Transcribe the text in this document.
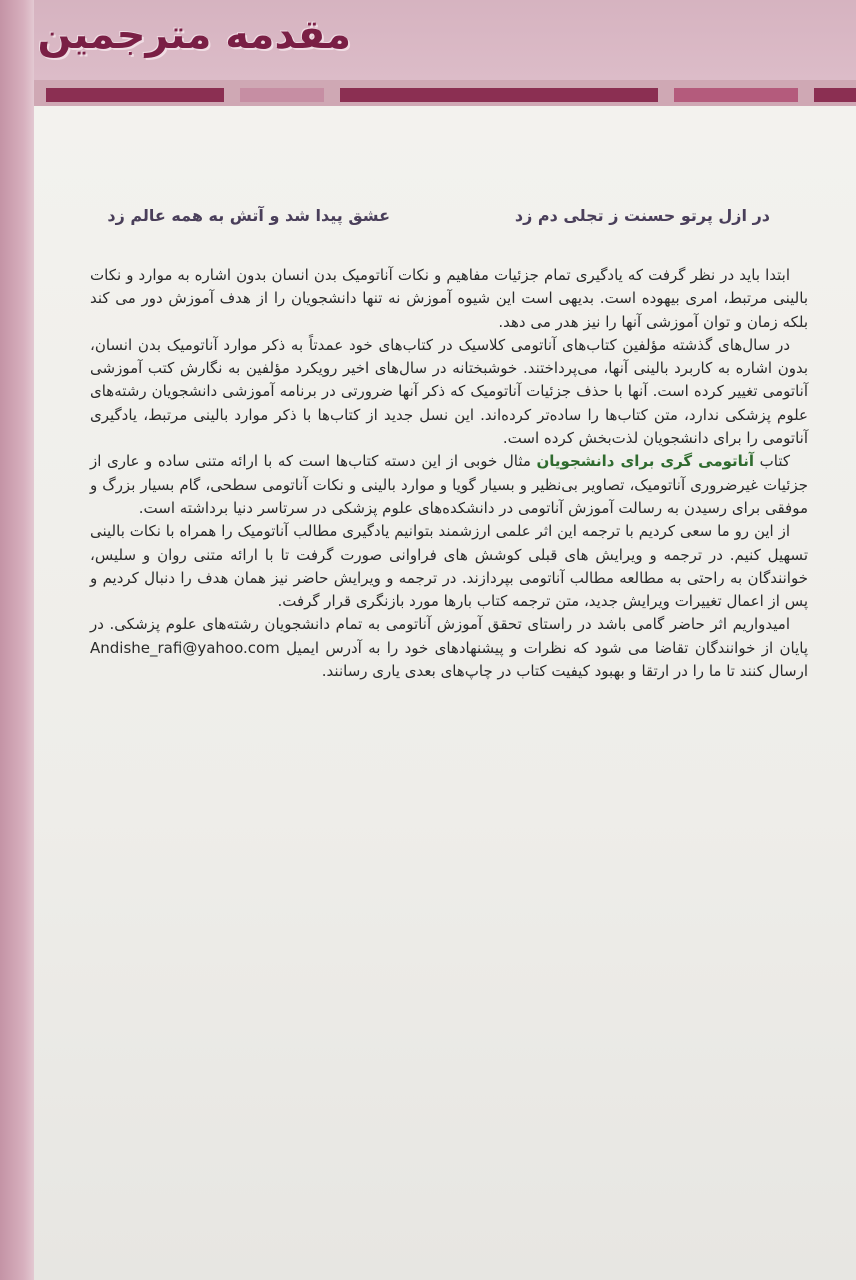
مقدمه مترجمین
در ازل پرتو حسنت ز تجلی دم زد
عشق پیدا شد و آتش به همه عالم زد

ابتدا باید در نظر گرفت که یادگیری تمام جزئیات مفاهیم و نکات آناتومیک بدن انسان بدون اشاره به موارد و نکات بالینی مرتبط، امری بیهوده است. بدیهی است این شیوه آموزش نه تنها دانشجویان را از هدف آموزش دور می کند بلکه زمان و توان آموزشی آنها را نیز هدر می دهد.

در سال‌های گذشته مؤلفین کتاب‌های آناتومی کلاسیک در کتاب‌های خود عمدتاً به ذکر موارد آناتومیک بدن انسان، بدون اشاره به کاربرد بالینی آنها، می‌پرداختند. خوشبختانه در سال‌های اخیر رویکرد مؤلفین به نگارش کتب آموزشی آناتومی تغییر کرده است. آنها با حذف جزئیات آناتومیک که ذکر آنها ضرورتی در برنامه آموزشی دانشجویان رشته‌های علوم پزشکی ندارد، متن کتاب‌ها را ساده‌تر کرده‌اند. این نسل جدید از کتاب‌ها با ذکر موارد بالینی مرتبط، یادگیری آناتومی را برای دانشجویان لذت‌بخش کرده است.

کتاب آناتومی گری برای دانشجویان مثال خوبی از این دسته کتاب‌ها است که با ارائه متنی ساده و عاری از جزئیات غیرضروری آناتومیک، تصاویر بی‌نظیر و بسیار گویا و موارد بالینی و نکات آناتومی سطحی، گام بسیار بزرگ و موفقی برای رسیدن به رسالت آموزش آناتومی در دانشکده‌های علوم پزشکی در سرتاسر دنیا برداشته است.

از این رو ما سعی کردیم با ترجمه این اثر علمی ارزشمند بتوانیم یادگیری مطالب آناتومیک را همراه با نکات بالینی تسهیل کنیم. در ترجمه و ویرایش های قبلی کوشش های فراوانی صورت گرفت تا با ارائه متنی روان و سلیس، خوانندگان به راحتی به مطالعه مطالب آناتومی بپردازند. در ترجمه و ویرایش حاضر نیز همان هدف را دنبال کردیم و پس از اعمال تغییرات ویرایش جدید، متن ترجمه کتاب بارها مورد بازنگری قرار گرفت.

امیدواریم اثر حاضر گامی باشد در راستای تحقق آموزش آناتومی به تمام دانشجویان رشته‌های علوم پزشکی. در پایان از خوانندگان تقاضا می شود که نظرات و پیشنهادهای خود را به آدرس ایمیل Andishe_rafi@yahoo.com ارسال کنند تا ما را در ارتقا و بهبود کیفیت کتاب در چاپ‌های بعدی یاری رسانند.
